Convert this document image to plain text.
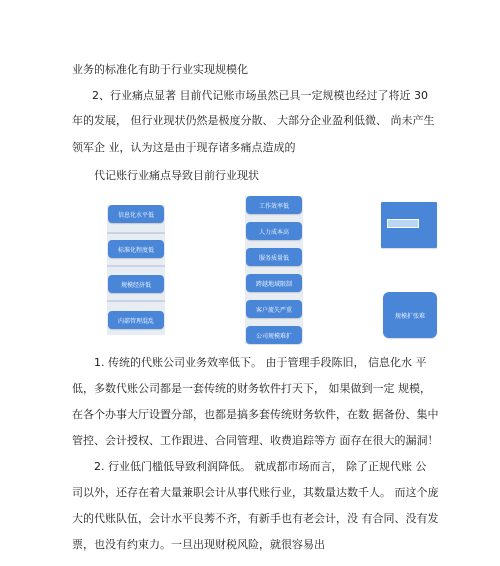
业务的标准化有助于行业实现规模化
2、行业痛点显著 目前代记账市场虽然已具一定规模也经过了将近 30
年的发展， 但行业现状仍然是极度分散、 大部分企业盈利低微、 尚未产生
领军企 业，认为这是由于现存诸多痛点造成的
代记账行业痛点导致目前行业现状
信息化水平低
标准化程度低
规模经济低
内部管理混乱
工作效率低
人力成本高
服务质量低
跨越地域限制
客户流失严重
公司规模难扩
规模扩张难
1. 传统的代账公司业务效率低下。 由于管理手段陈旧， 信息化水 平
低，多数代账公司都是一套传统的财务软件打天下， 如果做到一定 规模，
在各个办事大厅设置分部，也都是搞多套传统财务软件，在数 据备份、集中
管控、会计授权、工作跟进、合同管理、收费追踪等方 面存在很大的漏洞！
2. 行业低门槛低导致利润降低。 就成都市场而言， 除了正规代账 公
司以外，还存在着大量兼职会计从事代账行业，其数量达数千人。 而这个庞
大的代账队伍，会计水平良莠不齐，有新手也有老会计，没 有合同、没有发
票，也没有约束力。一旦出现财税风险，就很容易出
